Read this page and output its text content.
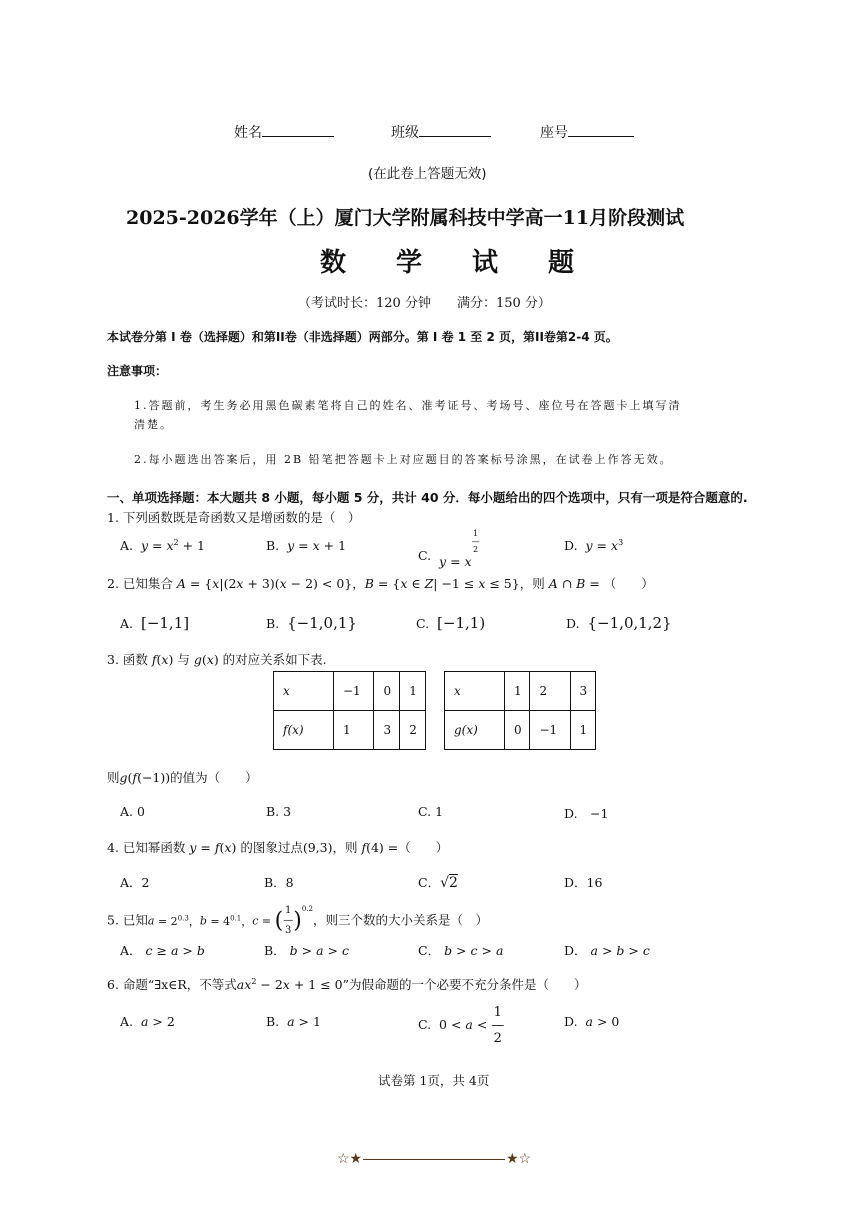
姓名	班级	座号
(在此卷上答题无效)
2025-2026学年（上）厦门大学附属科技中学高一11月阶段测试
数 学 试 题
（考试时长：120 分钟　　满分：150 分）
本试卷分第 I 卷（选择题）和第II卷（非选择题）两部分。第 I 卷 1 至 2 页，第II卷第2-4 页。
注意事项：
1.答题前，考生务必用黑色碳素笔将自己的姓名、准考证号、考场号、座位号在答题卡上填写清
清楚。
2.每小题选出答案后，用 2B 铅笔把答题卡上对应题目的答案标号涂黑，在试卷上作答无效。
一、单项选择题：本大题共 8 小题，每小题 5 分，共计 40 分．每小题给出的四个选项中，只有一项是符合题意的.
1. 下列函数既是奇函数又是增函数的是（　）
A. $y = x^2 + 1$	B. y = x + 1
C. y = x1
—
2	D. $y = x^3$
2. 已知集合 A = {x|(2x + 3)(x − 2) < 0}，B = {x ∈ Z| −1 ≤ x ≤ 5}，则 A ∩ B = （　　）
A. [−1,1]	B. {−1,0,1}	C. [−1,1)	D. {−1,0,1,2}
3. 函数 f(x) 与 g(x) 的对应关系如下表.
x	−1	0	1
f(x)	1	3	2
x	1	2	3
g(x)	0	−1	1
则g(f(−1))的值为（　　）
A. 0	B. 3	C. 1	D.　−1
4. 已知幂函数 y = f(x) 的图象过点(9,3)，则 f(4) =（　　）
A．2	B．8	C．√2	D．16
5. 已知$a = 2^{0.3}$，$b = 4^{0.1}$，c = ( 1
—
3)$^{0.2}$，则三个数的大小关系是（　）
A． c ≥ a > b	B． b > a > c	C． b > c > a	D． a > b > c
6. 命题“∃x∈R，不等式$ax^2 - 2x + 1 \le 0$”为假命题的一个必要不充分条件是（　　）
A. a > 2	B. a > 1	C.  0 < a < 1
—
2
D. a > 0
试卷第 1页，共 4页
☆★	★☆
